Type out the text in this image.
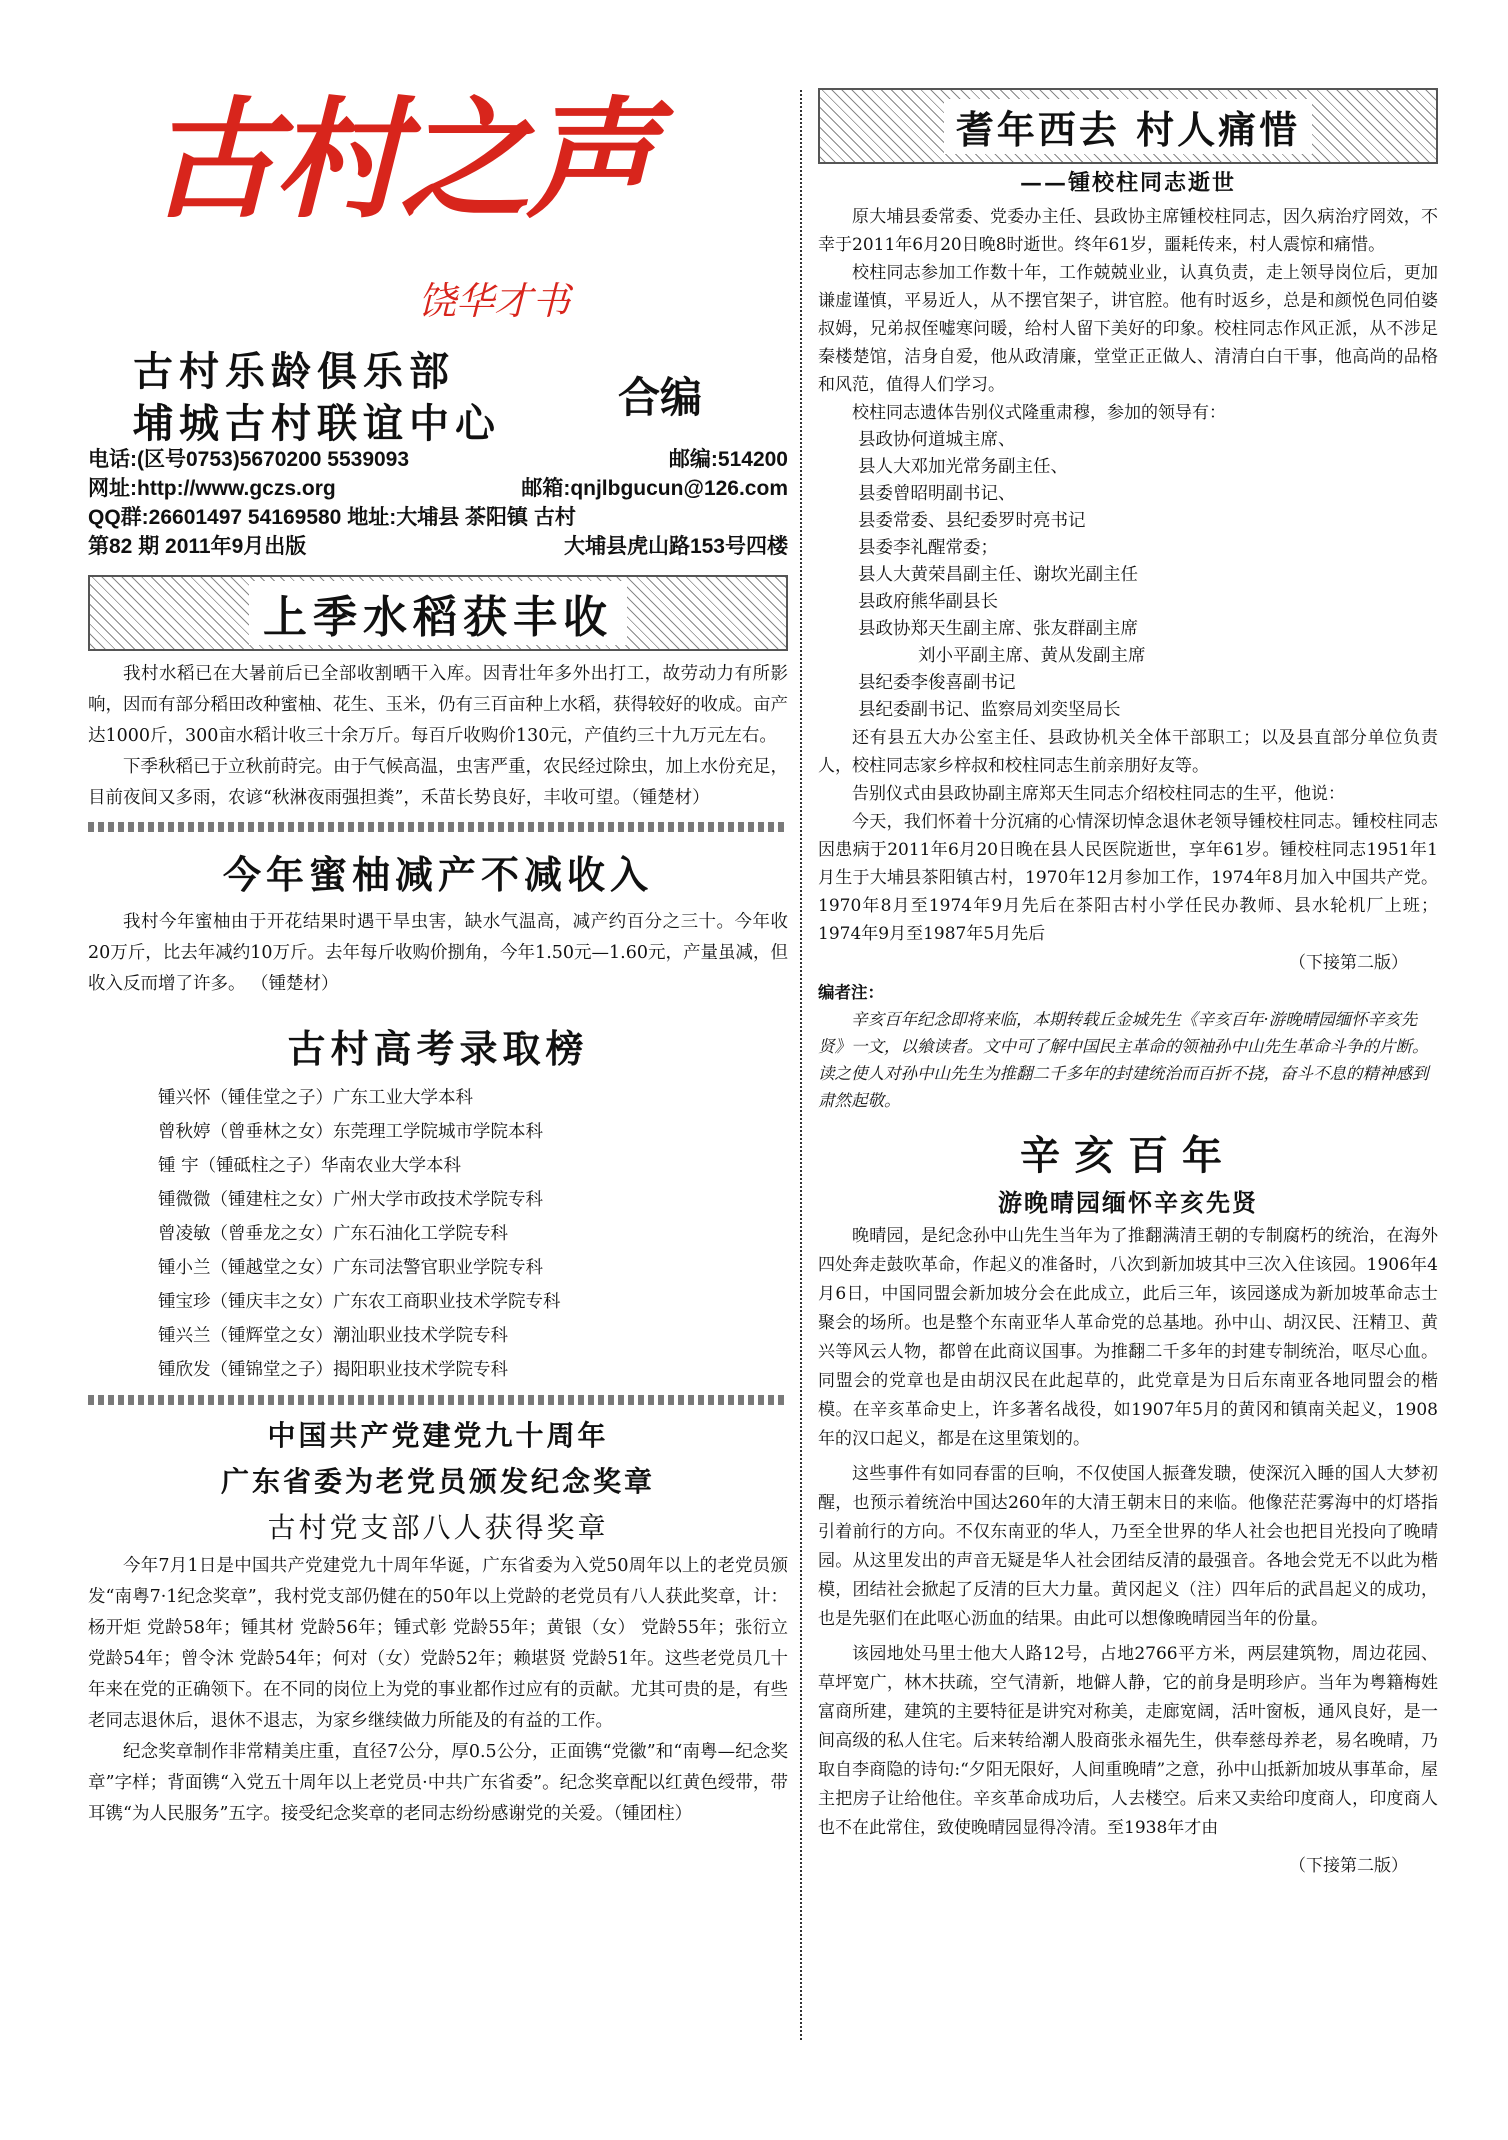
古村之声
饶华才书
古村乐龄俱乐部
埔城古村联谊中心
合编
电话:(区号0753)5670200 5539093	邮编:514200
网址:http://www.gczs.org	邮箱:qnjlbgucun@126.com
QQ群:26601497 54169580 地址:大埔县 茶阳镇 古村
第82 期 2011年9月出版	大埔县虎山路153号四楼
上季水稻获丰收

我村水稻已在大暑前后已全部收割晒干入库。因青壮年多外出打工，故劳动力有所影响，因而有部分稻田改种蜜柚、花生、玉米，仍有三百亩种上水稻，获得较好的收成。亩产达1000斤，300亩水稻计收三十余万斤。每百斤收购价130元，产值约三十九万元左右。

下季秋稻已于立秋前莳完。由于气候高温，虫害严重，农民经过除虫，加上水份充足，目前夜间又多雨，农谚“秋淋夜雨强担粪”，禾苗长势良好，丰收可望。（锺楚材）

今年蜜柚减产不减收入

我村今年蜜柚由于开花结果时遇干旱虫害，缺水气温高，减产约百分之三十。今年收20万斤，比去年减约10万斤。去年每斤收购价捌角，今年1.50元—1.60元，产量虽减，但收入反而增了许多。 （锺楚材）

古村高考录取榜
锺兴怀（锺佳堂之子）广东工业大学本科
曾秋婷（曾垂林之女）东莞理工学院城市学院本科
锺 宇（锺砥柱之子）华南农业大学本科
锺微微（锺建柱之女）广州大学市政技术学院专科
曾凌敏（曾垂龙之女）广东石油化工学院专科
锺小兰（锺越堂之女）广东司法警官职业学院专科
锺宝珍（锺庆丰之女）广东农工商职业技术学院专科
锺兴兰（锺辉堂之女）潮汕职业技术学院专科
锺欣发（锺锦堂之子）揭阳职业技术学院专科
中国共产党建党九十周年
广东省委为老党员颁发纪念奖章
古村党支部八人获得奖章

今年7月1日是中国共产党建党九十周年华诞，广东省委为入党50周年以上的老党员颁发“南粤7·1纪念奖章”，我村党支部仍健在的50年以上党龄的老党员有八人获此奖章，计：杨开炬 党龄58年；锺其材 党龄56年；锺式彰 党龄55年；黄银（女） 党龄55年；张衍立 党龄54年；曾令沐 党龄54年；何对（女）党龄52年；赖堪贤 党龄51年。这些老党员几十年来在党的正确领下。在不同的岗位上为党的事业都作过应有的贡献。尤其可贵的是，有些老同志退休后，退休不退志，为家乡继续做力所能及的有益的工作。

纪念奖章制作非常精美庄重，直径7公分，厚0.5公分，正面镌“党徽”和“南粤—纪念奖章”字样；背面镌“入党五十周年以上老党员·中共广东省委”。纪念奖章配以红黄色绶带，带耳镌“为人民服务”五字。接受纪念奖章的老同志纷纷感谢党的关爱。（锺团柱）

耆年西去 村人痛惜
——锺校柱同志逝世

原大埔县委常委、党委办主任、县政协主席锺校柱同志，因久病治疗罔效，不幸于2011年6月20日晚8时逝世。终年61岁，噩耗传来，村人震惊和痛惜。

校柱同志参加工作数十年，工作兢兢业业，认真负责，走上领导岗位后，更加谦虚谨慎，平易近人，从不摆官架子，讲官腔。他有时返乡，总是和颜悦色同伯婆叔姆，兄弟叔侄嘘寒问暖，给村人留下美好的印象。校柱同志作风正派，从不涉足秦楼楚馆，洁身自爱，他从政清廉，堂堂正正做人、清清白白干事，他高尚的品格和风范，值得人们学习。

校柱同志遗体告别仪式隆重肃穆，参加的领导有：

县政协何道城主席、
县人大邓加光常务副主任、
县委曾昭明副书记、
县委常委、县纪委罗时亮书记
县委李礼醒常委；
县人大黄荣昌副主任、谢坎光副主任
县政府熊华副县长
县政协郑天生副主席、张友群副主席
刘小平副主席、黄从发副主席
县纪委李俊喜副书记
县纪委副书记、监察局刘奕坚局长

还有县五大办公室主任、县政协机关全体干部职工；以及县直部分单位负责人，校柱同志家乡梓叔和校柱同志生前亲朋好友等。

告别仪式由县政协副主席郑天生同志介绍校柱同志的生平，他说：

今天，我们怀着十分沉痛的心情深切悼念退休老领导锺校柱同志。锺校柱同志因患病于2011年6月20日晚在县人民医院逝世，享年61岁。锺校柱同志1951年1月生于大埔县茶阳镇古村，1970年12月参加工作，1974年8月加入中国共产党。1970年8月至1974年9月先后在茶阳古村小学任民办教师、县水轮机厂上班；1974年9月至1987年5月先后

（下接第二版）
编者注：

辛亥百年纪念即将来临，本期转载丘金城先生《辛亥百年·游晚晴园缅怀辛亥先贤》一文，以飨读者。文中可了解中国民主革命的领袖孙中山先生革命斗争的片断。读之使人对孙中山先生为推翻二千多年的封建统治而百折不挠，奋斗不息的精神感到肃然起敬。

辛亥百年
游晚晴园缅怀辛亥先贤

晚晴园，是纪念孙中山先生当年为了推翻满清王朝的专制腐朽的统治，在海外四处奔走鼓吹革命，作起义的准备时，八次到新加坡其中三次入住该园。1906年4月6日，中国同盟会新加坡分会在此成立，此后三年，该园遂成为新加坡革命志士聚会的场所。也是整个东南亚华人革命党的总基地。孙中山、胡汉民、汪精卫、黄兴等风云人物，都曾在此商议国事。为推翻二千多年的封建专制统治，呕尽心血。同盟会的党章也是由胡汉民在此起草的，此党章是为日后东南亚各地同盟会的楷模。在辛亥革命史上，许多著名战役，如1907年5月的黄冈和镇南关起义，1908年的汉口起义，都是在这里策划的。

这些事件有如同春雷的巨响，不仅使国人振聋发聩，使深沉入睡的国人大梦初醒，也预示着统治中国达260年的大清王朝末日的来临。他像茫茫雾海中的灯塔指引着前行的方向。不仅东南亚的华人，乃至全世界的华人社会也把目光投向了晚晴园。从这里发出的声音无疑是华人社会团结反清的最强音。各地会党无不以此为楷模，团结社会掀起了反清的巨大力量。黄冈起义（注）四年后的武昌起义的成功，也是先驱们在此呕心沥血的结果。由此可以想像晚晴园当年的份量。

该园地处马里士他大人路12号，占地2766平方米，两层建筑物，周边花园、草坪宽广，林木扶疏，空气清新，地僻人静，它的前身是明珍庐。当年为粤籍梅姓富商所建，建筑的主要特征是讲究对称美，走廊宽阔，活叶窗板，通风良好，是一间高级的私人住宅。后来转给潮人股商张永福先生，供奉慈母养老，易名晚晴，乃取自李商隐的诗句:“夕阳无限好，人间重晚晴”之意，孙中山抵新加坡从事革命，屋主把房子让给他住。辛亥革命成功后，人去楼空。后来又卖给印度商人，印度商人也不在此常住，致使晚晴园显得冷清。至1938年才由

（下接第二版）
